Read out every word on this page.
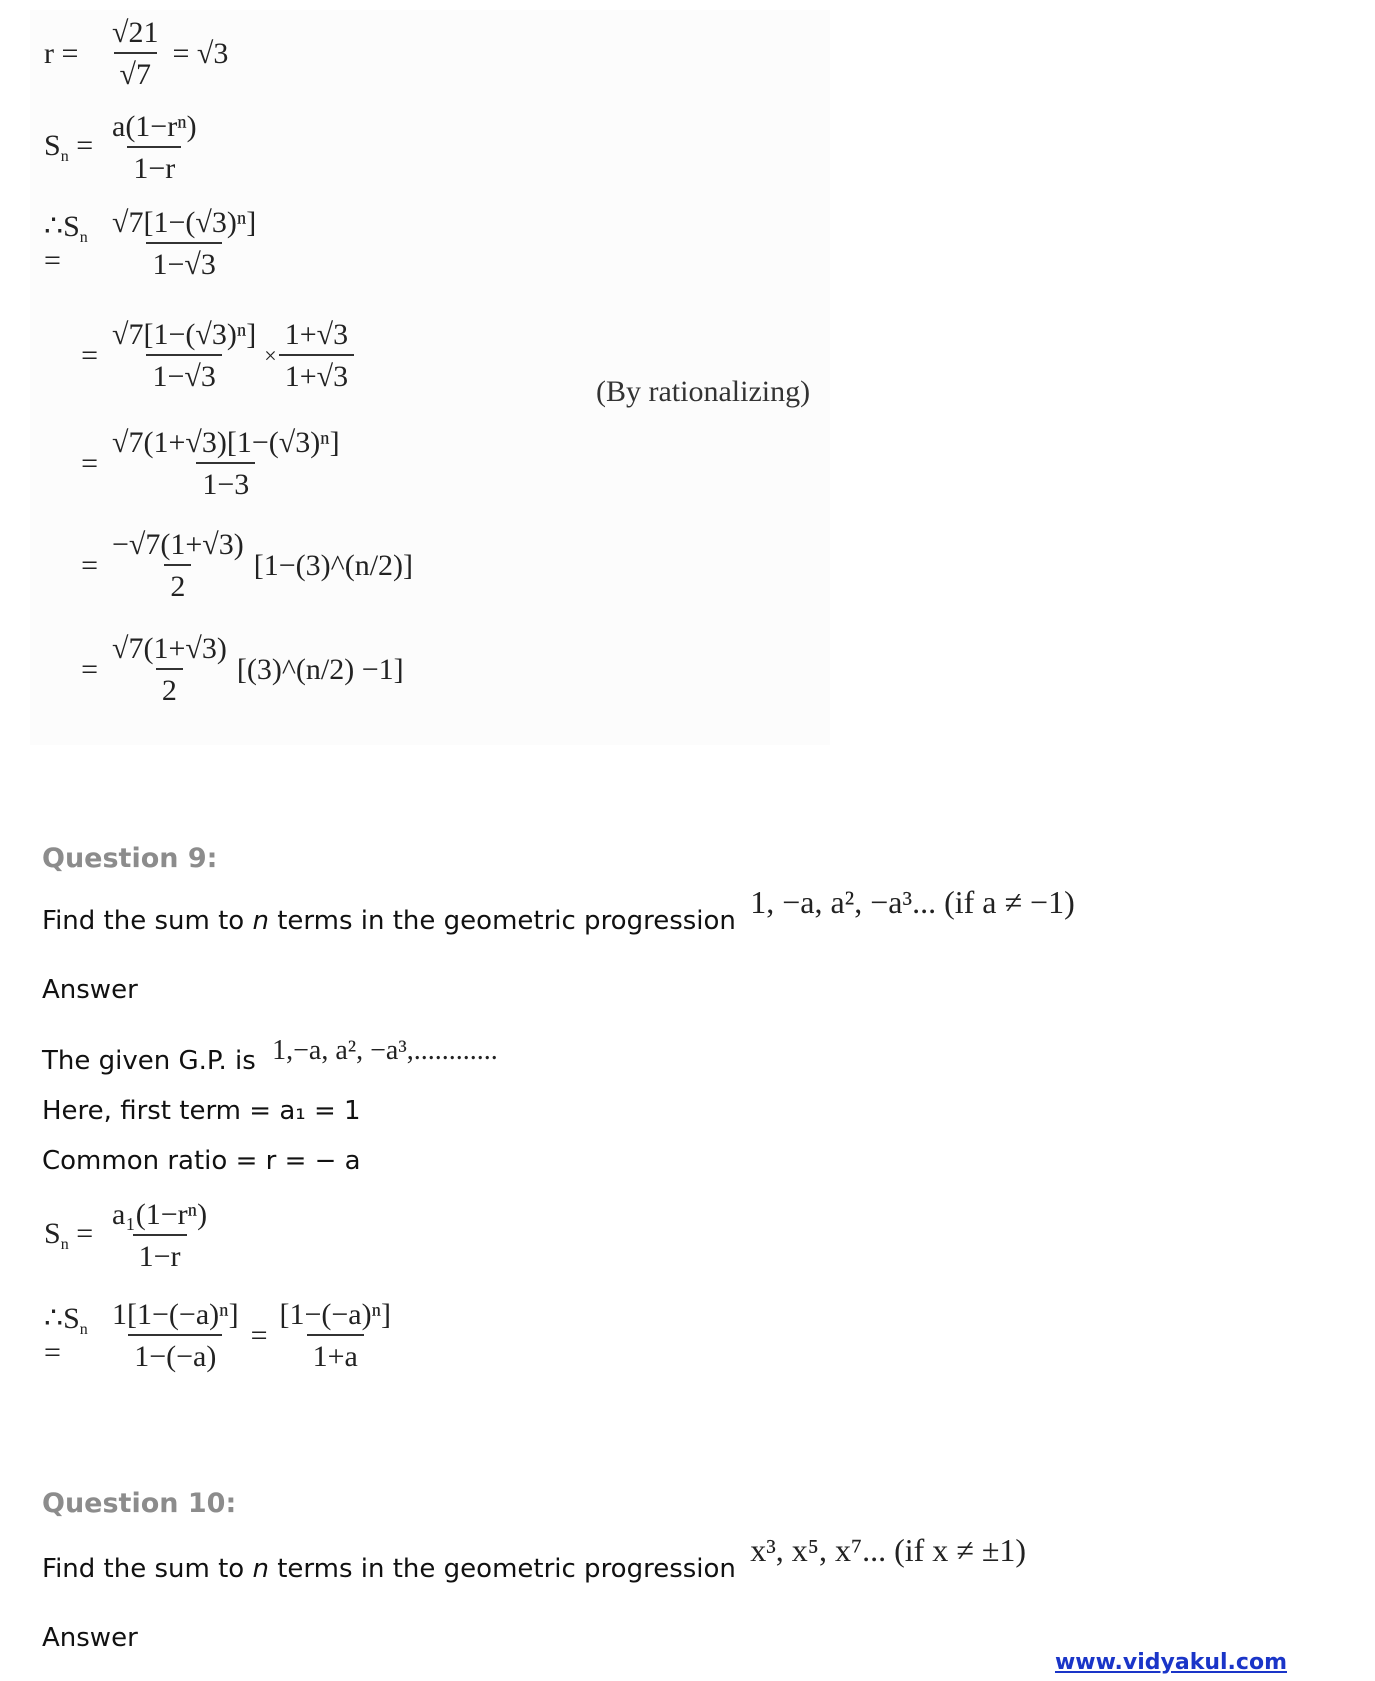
$r = \frac{√21}{√7} = √3$
$S_n = \frac{\text{a(1−rⁿ)}}{1-r}$
$\therefore S_n$ =	$\frac{\text{√7[1−(√3)ⁿ]}}{1-√3}$
= $\frac{\text{√7[1−(√3)ⁿ]}}{1-√3} \times \frac{1+√3}{1+√3}$	(By rationalizing)
= $\frac{\text{√7(1+√3)[1−(√3)ⁿ]}}{1-3}$
= $\frac{-√7(1+√3)}{2}$ [1−(3)^(n/2)]
= $\frac{√7(1+√3)}{2}$ [(3)^(n/2) −1]
Question 9:
Find the sum to n terms in the geometric progression 1, −a, a², −a³... (if a ≠ −1)
Answer
The given G.P. is 1,−a, a², −a³,............
Here, first term = a₁ = 1
Common ratio = r = − a
$S_n = \frac{\text{a₁(1−rⁿ)}}{1-r}$
$\therefore S_n$ =	$\frac{\text{1[1−(−a)ⁿ]}}{1-(-a)} = \frac{\text{[1−(−a)ⁿ]}}{1+a}$
Question 10:
Find the sum to n terms in the geometric progression x³, x⁵, x⁷... (if x ≠ ±1)
Answer
www.vidyakul.com
